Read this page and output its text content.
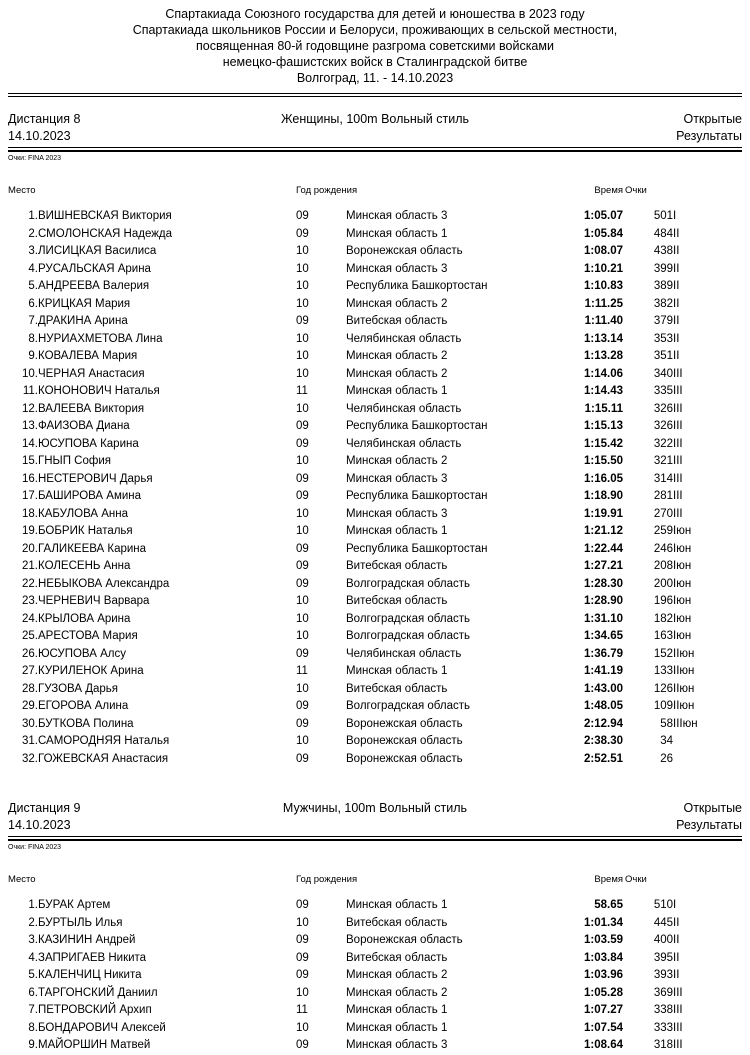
Спартакиада Союзного государства для детей и юношества в 2023 году
Спартакиада школьников России и Белоруси, проживающих в сельской местности,
посвященная 80-й годовщине разгрома советскими войсками
немецко-фашистских войск в Сталинградской битве
Волгоград, 11. - 14.10.2023
Дистанция 8	Женщины, 100m Вольный стиль	Открытые
14.10.2023	Результаты
Очки: FINA 2023
Место		Год рождения		Время	Очки	
1.	ВИШНЕВСКАЯ Виктория	09	Минская область 3	1:05.07	501	I
2.	СМОЛОНСКАЯ Надежда	09	Минская область 1	1:05.84	484	II
3.	ЛИСИЦКАЯ Василиса	10	Воронежская область	1:08.07	438	II
4.	РУСАЛЬСКАЯ Арина	10	Минская область 3	1:10.21	399	II
5.	АНДРЕЕВА Валерия	10	Республика Башкортостан	1:10.83	389	II
6.	КРИЦКАЯ Мария	10	Минская область 2	1:11.25	382	II
7.	ДРАКИНА Арина	09	Витебская область	1:11.40	379	II
8.	НУРИАХМЕТОВА Лина	10	Челябинская область	1:13.14	353	II
9.	КОВАЛЕВА Мария	10	Минская область 2	1:13.28	351	II
10.	ЧЕРНАЯ Анастасия	10	Минская область 2	1:14.06	340	III
11.	КОНОНОВИЧ Наталья	11	Минская область 1	1:14.43	335	III
12.	ВАЛЕЕВА Виктория	10	Челябинская область	1:15.11	326	III
13.	ФАИЗОВА Диана	09	Республика Башкортостан	1:15.13	326	III
14.	ЮСУПОВА Карина	09	Челябинская область	1:15.42	322	III
15.	ГНЫП София	10	Минская область 2	1:15.50	321	III
16.	НЕСТЕРОВИЧ Дарья	09	Минская область 3	1:16.05	314	III
17.	БАШИРОВА Амина	09	Республика Башкортостан	1:18.90	281	III
18.	КАБУЛОВА Анна	10	Минская область 3	1:19.91	270	III
19.	БОБРИК Наталья	10	Минская область 1	1:21.12	259	Iюн
20.	ГАЛИКЕЕВА Карина	09	Республика Башкортостан	1:22.44	246	Iюн
21.	КОЛЕСЕНЬ Анна	09	Витебская область	1:27.21	208	Iюн
22.	НЕБЫКОВА Александра	09	Волгоградская область	1:28.30	200	Iюн
23.	ЧЕРНЕВИЧ Варвара	10	Витебская область	1:28.90	196	Iюн
24.	КРЫЛОВА Арина	10	Волгоградская область	1:31.10	182	Iюн
25.	АРЕСТОВА Мария	10	Волгоградская область	1:34.65	163	Iюн
26.	ЮСУПОВА Алсу	09	Челябинская область	1:36.79	152	IIюн
27.	КУРИЛЕНОК Арина	11	Минская область 1	1:41.19	133	IIюн
28.	ГУЗОВА Дарья	10	Витебская область	1:43.00	126	IIюн
29.	ЕГОРОВА Алина	09	Волгоградская область	1:48.05	109	IIюн
30.	БУТКОВА Полина	09	Воронежская область	2:12.94	58	IIIюн
31.	САМОРОДНЯЯ Наталья	10	Воронежская область	2:38.30	34	
32.	ГОЖЕВСКАЯ Анастасия	09	Воронежская область	2:52.51	26	
Дистанция 9	Мужчины, 100m Вольный стиль	Открытые
14.10.2023	Результаты
Очки: FINA 2023
Место		Год рождения		Время	Очки	
1.	БУРАК Артем	09	Минская область 1	58.65	510	I
2.	БУРТЫЛЬ Илья	10	Витебская область	1:01.34	445	II
3.	КАЗИНИН Андрей	09	Воронежская область	1:03.59	400	II
4.	ЗАПРИГАЕВ Никита	09	Витебская область	1:03.84	395	II
5.	КАЛЕНЧИЦ Никита	09	Минская область 2	1:03.96	393	II
6.	ТАРГОНСКИЙ Даниил	10	Минская область 2	1:05.28	369	III
7.	ПЕТРОВСКИЙ Архип	11	Минская область 1	1:07.27	338	III
8.	БОНДАРОВИЧ Алексей	10	Минская область 1	1:07.54	333	III
9.	МАЙОРШИН Матвей	09	Минская область 3	1:08.64	318	III
